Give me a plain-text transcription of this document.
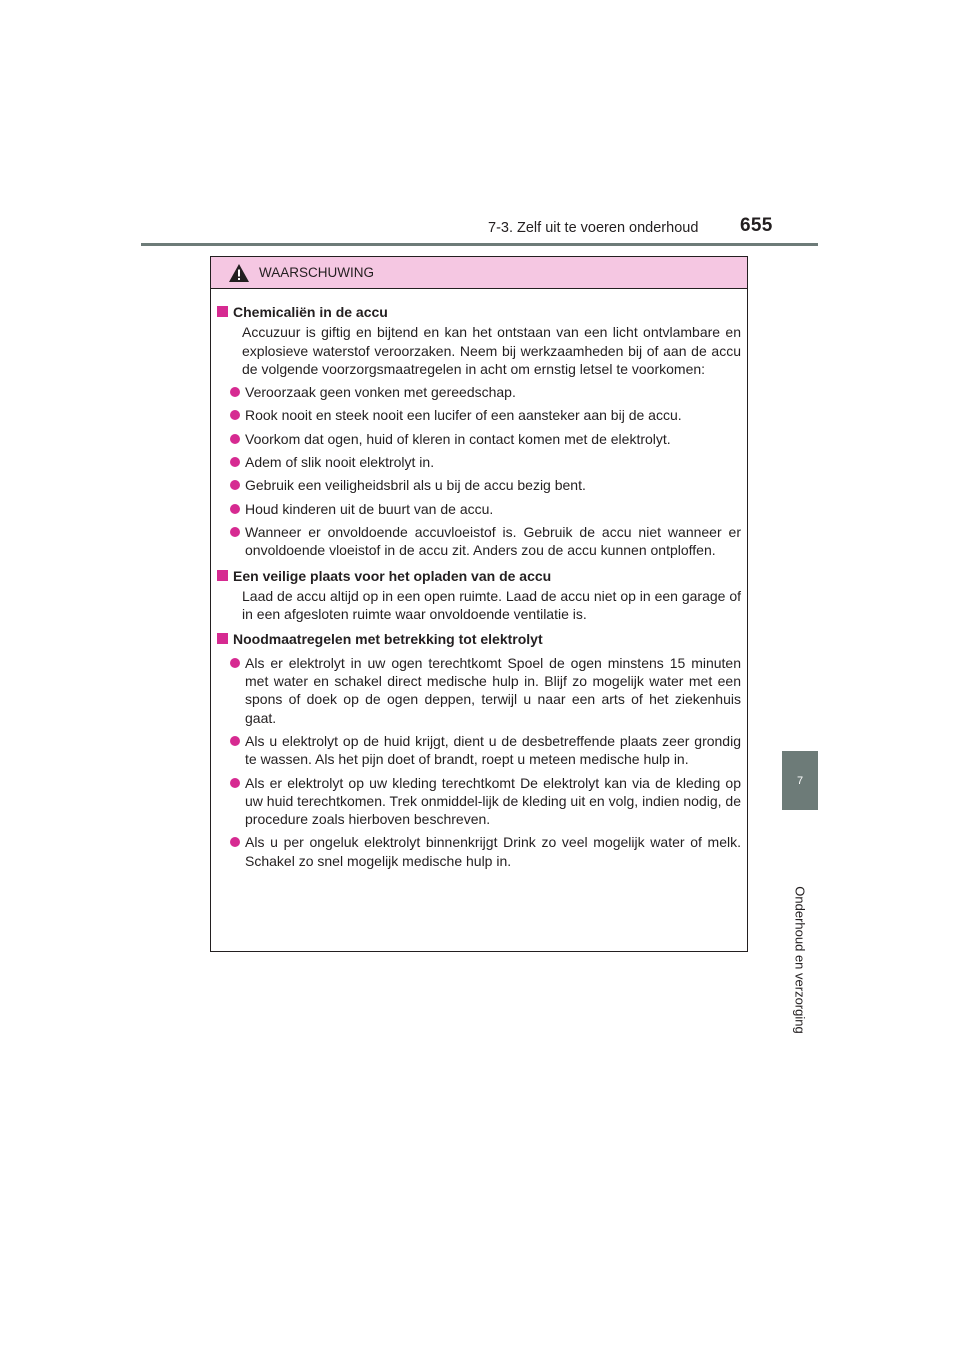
7-3. Zelf uit te voeren onderhoud 655
7
Onderhoud en verzorging
WAARSCHUWING
Chemicaliën in de accu
Accuzuur is giftig en bijtend en kan het ontstaan van een licht ontvlambare en explosieve waterstof veroorzaken. Neem bij werkzaamheden bij of aan de accu de volgende voorzorgsmaatregelen in acht om ernstig letsel te voorkomen:
Veroorzaak geen vonken met gereedschap.
Rook nooit en steek nooit een lucifer of een aansteker aan bij de accu.
Voorkom dat ogen, huid of kleren in contact komen met de elektrolyt.
Adem of slik nooit elektrolyt in.
Gebruik een veiligheidsbril als u bij de accu bezig bent.
Houd kinderen uit de buurt van de accu.
Wanneer er onvoldoende accuvloeistof is. Gebruik de accu niet wanneer er onvoldoende vloeistof in de accu zit. Anders zou de accu kunnen ontploffen.
Een veilige plaats voor het opladen van de accu
Laad de accu altijd op in een open ruimte. Laad de accu niet op in een garage of in een afgesloten ruimte waar onvoldoende ventilatie is.
Noodmaatregelen met betrekking tot elektrolyt
Als er elektrolyt in uw ogen terechtkomt Spoel de ogen minstens 15 minuten met water en schakel direct medische hulp in. Blijf zo mogelijk water met een spons of doek op de ogen deppen, terwijl u naar een arts of het ziekenhuis gaat.
Als u elektrolyt op de huid krijgt, dient u de desbetreffende plaats zeer grondig te wassen. Als het pijn doet of brandt, roept u meteen medische hulp in.
Als er elektrolyt op uw kleding terechtkomt De elektrolyt kan via de kleding op uw huid terechtkomen. Trek onmiddel-lijk de kleding uit en volg, indien nodig, de procedure zoals hierboven beschreven.
Als u per ongeluk elektrolyt binnenkrijgt Drink zo veel mogelijk water of melk. Schakel zo snel mogelijk medische hulp in.
